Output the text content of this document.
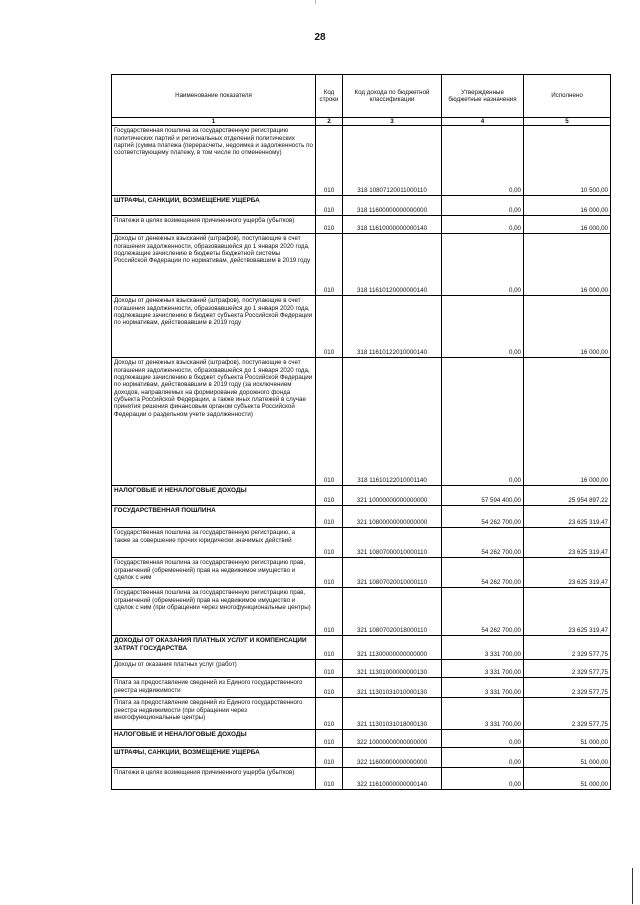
28
Наименование показателя	Код строки	Код дохода по бюджетной классификации	Утвержденные бюджетные назначения	Исполнено
1	2	3	4	5
Государственная пошлина за государственную регистрацию политических партий и региональных отделений политических партий (сумма платежа (перерасчеты, недоимка и задолженность по соответствующему платежу, в том числе по отмененному)	010	318 10807120011000110	0,00	10 500,00
ШТРАФЫ, САНКЦИИ, ВОЗМЕЩЕНИЕ УЩЕРБА	010	318 11600000000000000	0,00	16 000,00
Платежи в целях возмещения причиненного ущерба (убытков)	010	318 11610000000000140	0,00	16 000,00
Доходы от денежных взысканий (штрафов), поступающие в счет погашения задолженности, образовавшейся до 1 января 2020 года, подлежащие зачислению в бюджеты бюджетной системы Российской Федерации по нормативам, действовавшим в 2019 году	010	318 11610120000000140	0,00	16 000,00
Доходы от денежных взысканий (штрафов), поступающие в счет погашения задолженности, образовавшейся до 1 января 2020 года, подлежащие зачислению в бюджет субъекта Российской Федерации по нормативам, действовавшим в 2019 году	010	318 11610122010000140	0,00	16 000,00
Доходы от денежных взысканий (штрафов), поступающие в счет погашения задолженности, образовавшейся до 1 января 2020 года, подлежащие зачислению в бюджет субъекта Российской Федерации по нормативам, действовавшим в 2019 году (за исключением доходов, направляемых на формирование дорожного фонда субъекта Российской Федерации, а также иных платежей в случае принятия решения финансовым органом субъекта Российской Федерации о раздельном учете задолженности)	010	318 11610122010001140	0,00	16 000,00
НАЛОГОВЫЕ И НЕНАЛОГОВЫЕ ДОХОДЫ	010	321 10000000000000000	57 594 400,00	25 954 897,22
ГОСУДАРСТВЕННАЯ ПОШЛИНА	010	321 10800000000000000	54 262 700,00	23 625 319,47
Государственная пошлина за государственную регистрацию, а также за совершение прочих юридически значимых действий	010	321 10807000010000110	54 262 700,00	23 625 319,47
Государственная пошлина за государственную регистрацию прав, ограничений (обременений) прав на недвижимое имущество и сделок с ним	010	321 10807020010000110	54 262 700,00	23 625 319,47
Государственная пошлина за государственную регистрацию прав, ограничений (обременений) прав на недвижимое имущество и сделок с ним (при обращении через многофункциональные центры)	010	321 10807020018000110	54 262 700,00	23 625 319,47
ДОХОДЫ ОТ ОКАЗАНИЯ ПЛАТНЫХ УСЛУГ И КОМПЕНСАЦИИ ЗАТРАТ ГОСУДАРСТВА	010	321 11300000000000000	3 331 700,00	2 329 577,75
Доходы от оказания платных услуг (работ)	010	321 11301000000000130	3 331 700,00	2 329 577,75
Плата за предоставление сведений из Единого государственного реестра недвижимости	010	321 11301031010000130	3 331 700,00	2 329 577,75
Плата за предоставление сведений из Единого государственного реестра недвижимости (при обращении через многофункциональные центры)	010	321 11301031018000130	3 331 700,00	2 329 577,75
НАЛОГОВЫЕ И НЕНАЛОГОВЫЕ ДОХОДЫ	010	322 10000000000000000	0,00	51 000,00
ШТРАФЫ, САНКЦИИ, ВОЗМЕЩЕНИЕ УЩЕРБА	010	322 11600000000000000	0,00	51 000,00
Платежи в целях возмещения причиненного ущерба (убытков)	010	322 11610000000000140	0,00	51 000,00
